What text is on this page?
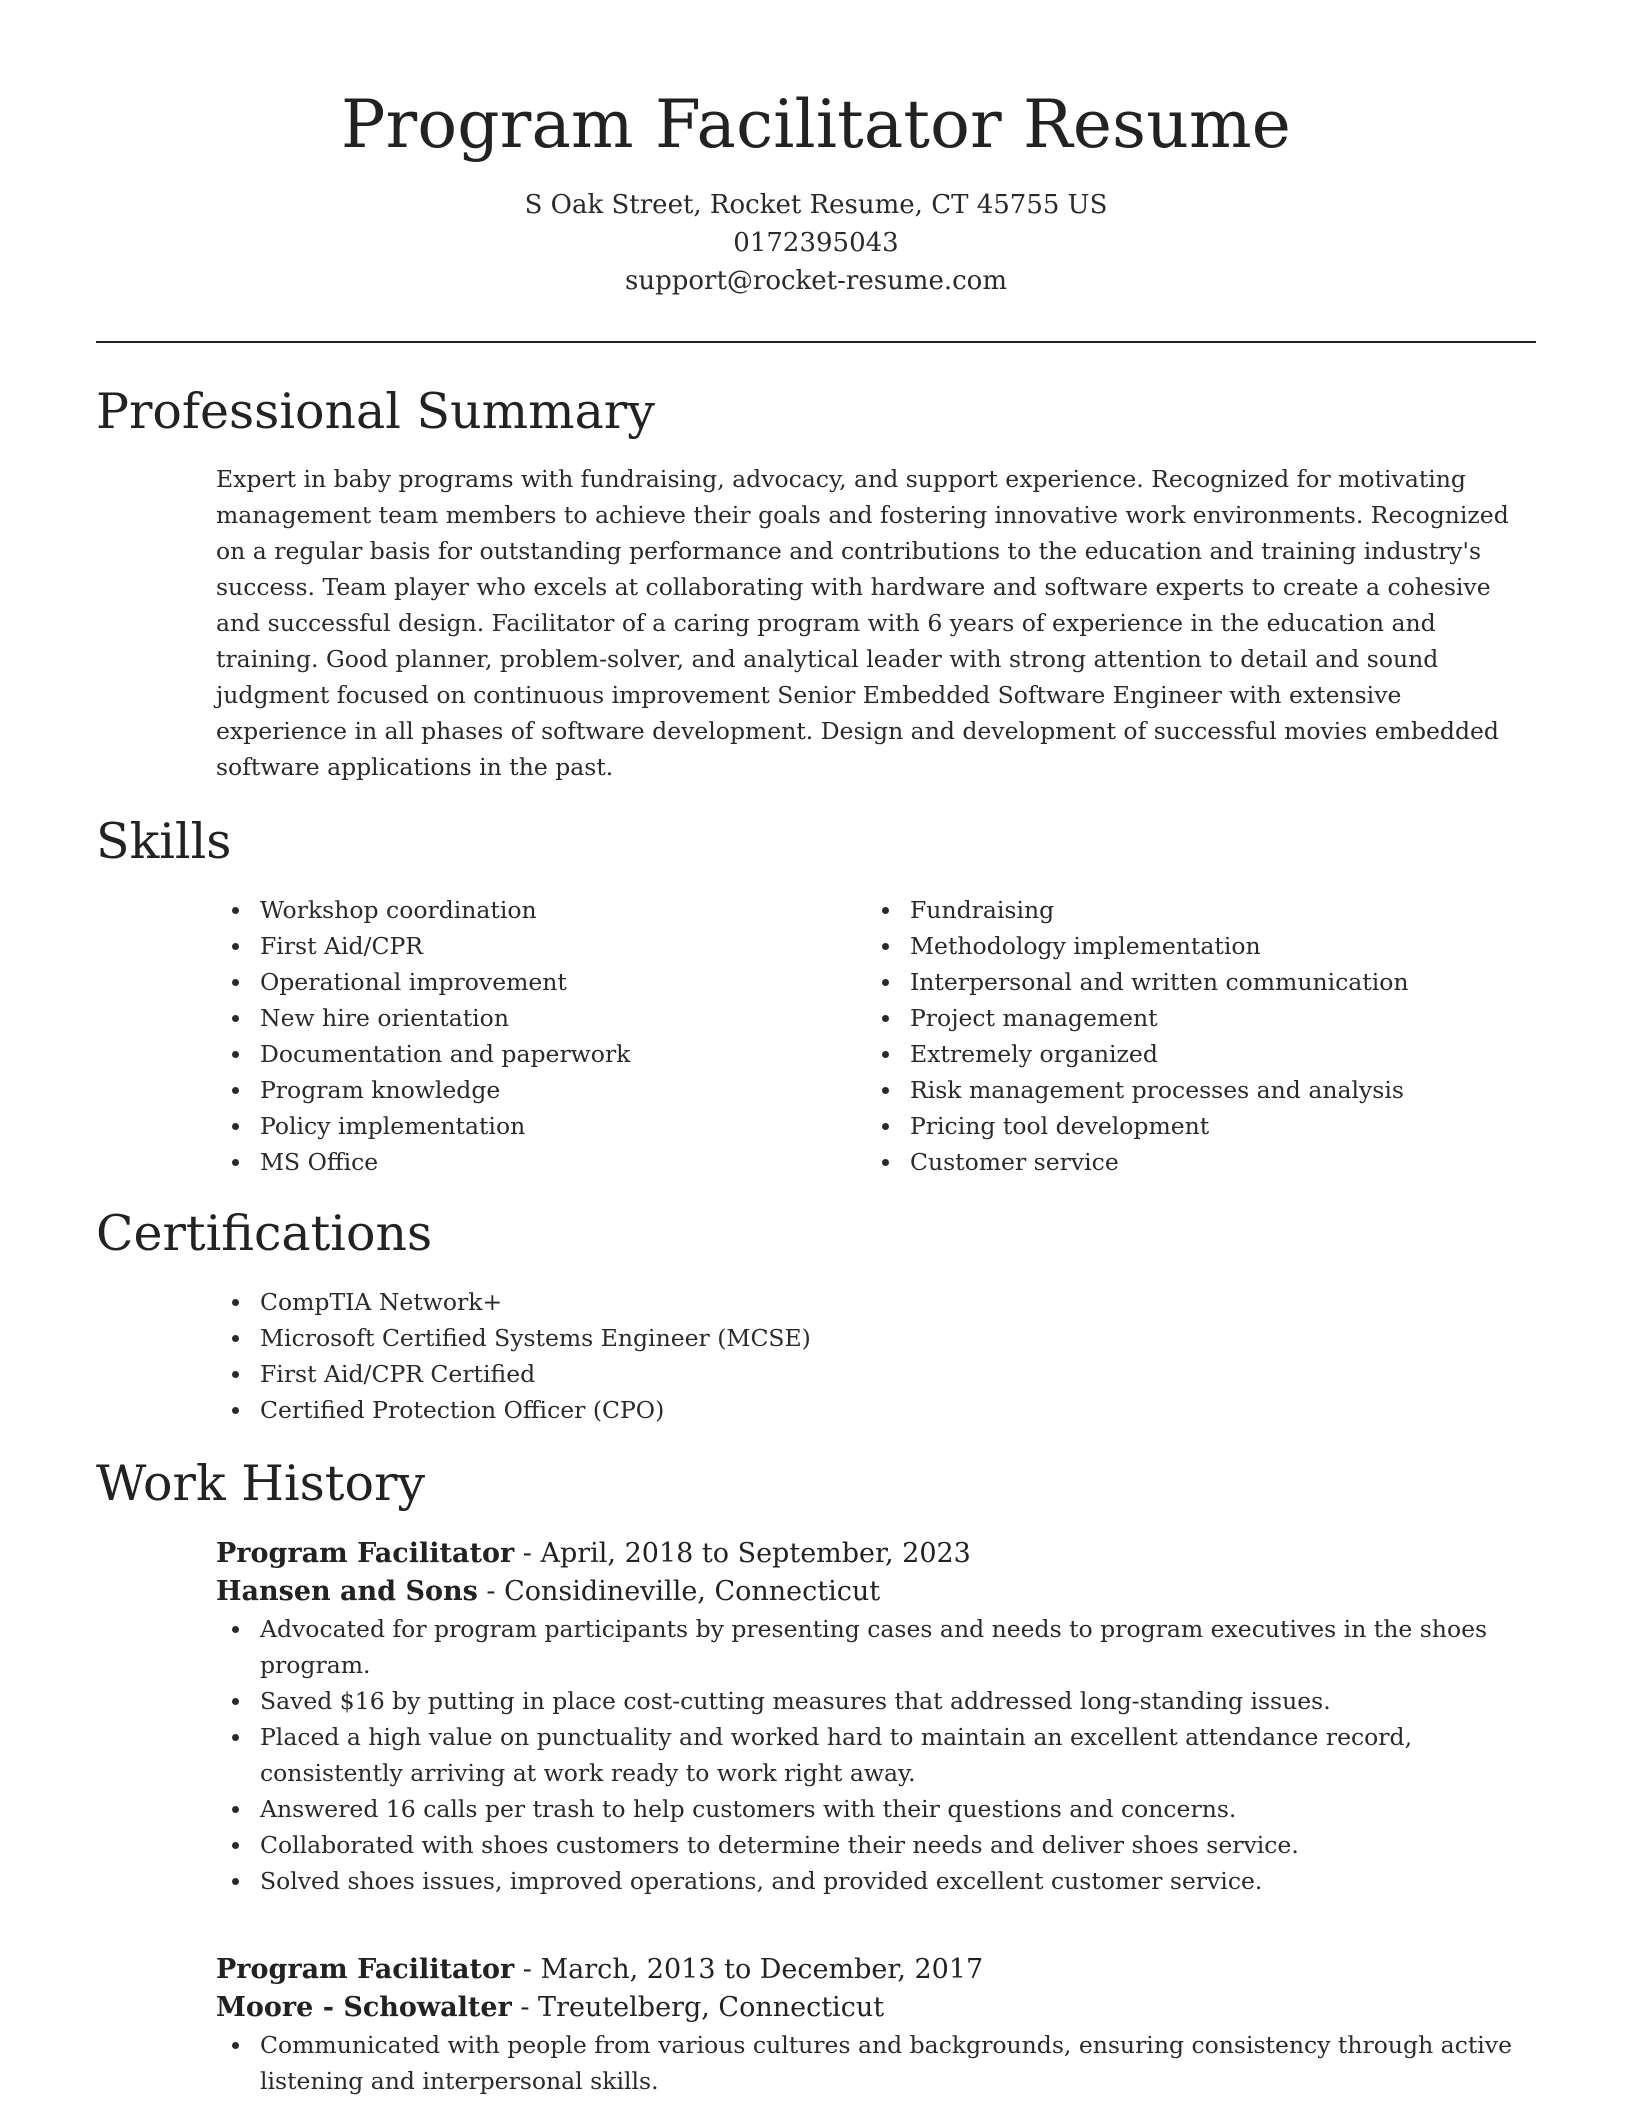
Program Facilitator Resume

S Oak Street, Rocket Resume, CT 45755 US

0172395043

support@rocket-resume.com

Professional Summary

Expert in baby programs with fundraising, advocacy, and support experience. Recognized for motivating management team members to achieve their goals and fostering innovative work environments. Recognized on a regular basis for outstanding performance and contributions to the education and training industry's success. Team player who excels at collaborating with hardware and software experts to create a cohesive and successful design. Facilitator of a caring program with 6 years of experience in the education and training. Good planner, problem-solver, and analytical leader with strong attention to detail and sound judgment focused on continuous improvement Senior Embedded Software Engineer with extensive experience in all phases of software development. Design and development of successful movies embedded software applications in the past.

Skills
Workshop coordination
First Aid/CPR
Operational improvement
New hire orientation
Documentation and paperwork
Program knowledge
Policy implementation
MS Office
Fundraising
Methodology implementation
Interpersonal and written communication
Project management
Extremely organized
Risk management processes and analysis
Pricing tool development
Customer service
Certifications
CompTIA Network+
Microsoft Certified Systems Engineer (MCSE)
First Aid/CPR Certified
Certified Protection Officer (CPO)
Work History

Program Facilitator - April, 2018 to September, 2023

Hansen and Sons - Considineville, Connecticut

Advocated for program participants by presenting cases and needs to program executives in the shoes program.
Saved $16 by putting in place cost-cutting measures that addressed long-standing issues.
Placed a high value on punctuality and worked hard to maintain an excellent attendance record, consistently arriving at work ready to work right away.
Answered 16 calls per trash to help customers with their questions and concerns.
Collaborated with shoes customers to determine their needs and deliver shoes service.
Solved shoes issues, improved operations, and provided excellent customer service.

Program Facilitator - March, 2013 to December, 2017

Moore - Schowalter - Treutelberg, Connecticut

Communicated with people from various cultures and backgrounds, ensuring consistency through active listening and interpersonal skills.
